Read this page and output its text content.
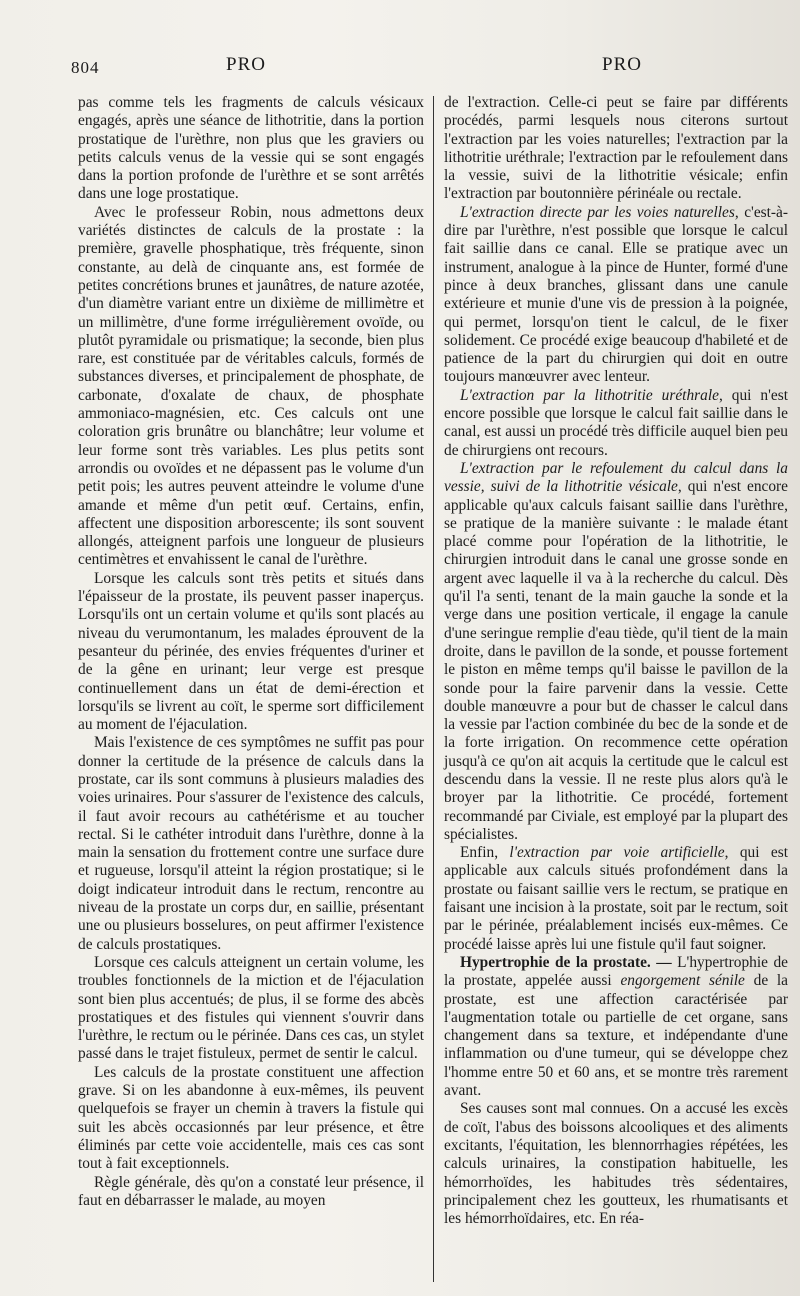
804	PRO	PRO

pas comme tels les fragments de calculs vésicaux engagés, après une séance de lithotritie, dans la portion prostatique de l'urèthre, non plus que les graviers ou petits calculs venus de la vessie qui se sont engagés dans la portion profonde de l'urèthre et se sont arrêtés dans une loge prostatique.

Avec le professeur Robin, nous admettons deux variétés distinctes de calculs de la prostate : la première, gravelle phosphatique, très fréquente, sinon constante, au delà de cinquante ans, est formée de petites concrétions brunes et jaunâtres, de nature azotée, d'un diamètre variant entre un dixième de millimètre et un millimètre, d'une forme irrégulièrement ovoïde, ou plutôt pyramidale ou prismatique; la seconde, bien plus rare, est constituée par de véritables calculs, formés de substances diverses, et principalement de phosphate, de carbonate, d'oxalate de chaux, de phosphate ammoniaco-magnésien, etc. Ces calculs ont une coloration gris brunâtre ou blanchâtre; leur volume et leur forme sont très variables. Les plus petits sont arrondis ou ovoïdes et ne dépassent pas le volume d'un petit pois; les autres peuvent atteindre le volume d'une amande et même d'un petit œuf. Certains, enfin, affectent une disposition arborescente; ils sont souvent allongés, atteignent parfois une longueur de plusieurs centimètres et envahissent le canal de l'urèthre.

Lorsque les calculs sont très petits et situés dans l'épaisseur de la prostate, ils peuvent passer inaperçus. Lorsqu'ils ont un certain volume et qu'ils sont placés au niveau du verumontanum, les malades éprouvent de la pesanteur du périnée, des envies fréquentes d'uriner et de la gêne en urinant; leur verge est presque continuellement dans un état de demi-érection et lorsqu'ils se livrent au coït, le sperme sort difficilement au moment de l'éjaculation.

Mais l'existence de ces symptômes ne suffit pas pour donner la certitude de la présence de calculs dans la prostate, car ils sont communs à plusieurs maladies des voies urinaires. Pour s'assurer de l'existence des calculs, il faut avoir recours au cathétérisme et au toucher rectal. Si le cathéter introduit dans l'urèthre, donne à la main la sensation du frottement contre une surface dure et rugueuse, lorsqu'il atteint la région prostatique; si le doigt indicateur introduit dans le rectum, rencontre au niveau de la prostate un corps dur, en saillie, présentant une ou plusieurs bosselures, on peut affirmer l'existence de calculs prostatiques.

Lorsque ces calculs atteignent un certain volume, les troubles fonctionnels de la miction et de l'éjaculation sont bien plus accentués; de plus, il se forme des abcès prostatiques et des fistules qui viennent s'ouvrir dans l'urèthre, le rectum ou le périnée. Dans ces cas, un stylet passé dans le trajet fistuleux, permet de sentir le calcul.

Les calculs de la prostate constituent une affection grave. Si on les abandonne à eux-mêmes, ils peuvent quelquefois se frayer un chemin à travers la fistule qui suit les abcès occasionnés par leur présence, et être éliminés par cette voie accidentelle, mais ces cas sont tout à fait exceptionnels.

Règle générale, dès qu'on a constaté leur présence, il faut en débarrasser le malade, au moyen

de l'extraction. Celle-ci peut se faire par différents procédés, parmi lesquels nous citerons surtout l'extraction par les voies naturelles; l'extraction par la lithotritie uréthrale; l'extraction par le refoulement dans la vessie, suivi de la lithotritie vésicale; enfin l'extraction par boutonnière périnéale ou rectale.

L'extraction directe par les voies naturelles, c'est-à-dire par l'urèthre, n'est possible que lorsque le calcul fait saillie dans ce canal. Elle se pratique avec un instrument, analogue à la pince de Hunter, formé d'une pince à deux branches, glissant dans une canule extérieure et munie d'une vis de pression à la poignée, qui permet, lorsqu'on tient le calcul, de le fixer solidement. Ce procédé exige beaucoup d'habileté et de patience de la part du chirurgien qui doit en outre toujours manœuvrer avec lenteur.

L'extraction par la lithotritie uréthrale, qui n'est encore possible que lorsque le calcul fait saillie dans le canal, est aussi un procédé très difficile auquel bien peu de chirurgiens ont recours.

L'extraction par le refoulement du calcul dans la vessie, suivi de la lithotritie vésicale, qui n'est encore applicable qu'aux calculs faisant saillie dans l'urèthre, se pratique de la manière suivante : le malade étant placé comme pour l'opération de la lithotritie, le chirurgien introduit dans le canal une grosse sonde en argent avec laquelle il va à la recherche du calcul. Dès qu'il l'a senti, tenant de la main gauche la sonde et la verge dans une position verticale, il engage la canule d'une seringue remplie d'eau tiède, qu'il tient de la main droite, dans le pavillon de la sonde, et pousse fortement le piston en même temps qu'il baisse le pavillon de la sonde pour la faire parvenir dans la vessie. Cette double manœuvre a pour but de chasser le calcul dans la vessie par l'action combinée du bec de la sonde et de la forte irrigation. On recommence cette opération jusqu'à ce qu'on ait acquis la certitude que le calcul est descendu dans la vessie. Il ne reste plus alors qu'à le broyer par la lithotritie. Ce procédé, fortement recommandé par Civiale, est employé par la plupart des spécialistes.

Enfin, l'extraction par voie artificielle, qui est applicable aux calculs situés profondément dans la prostate ou faisant saillie vers le rectum, se pratique en faisant une incision à la prostate, soit par le rectum, soit par le périnée, préalablement incisés eux-mêmes. Ce procédé laisse après lui une fistule qu'il faut soigner.

Hypertrophie de la prostate. — L'hypertrophie de la prostate, appelée aussi engorgement sénile de la prostate, est une affection caractérisée par l'augmentation totale ou partielle de cet organe, sans changement dans sa texture, et indépendante d'une inflammation ou d'une tumeur, qui se développe chez l'homme entre 50 et 60 ans, et se montre très rarement avant.

Ses causes sont mal connues. On a accusé les excès de coït, l'abus des boissons alcooliques et des aliments excitants, l'équitation, les blennorrhagies répétées, les calculs urinaires, la constipation habituelle, les hémorrhoïdes, les habitudes très sédentaires, principalement chez les goutteux, les rhumatisants et les hémorrhoïdaires, etc. En réa-
